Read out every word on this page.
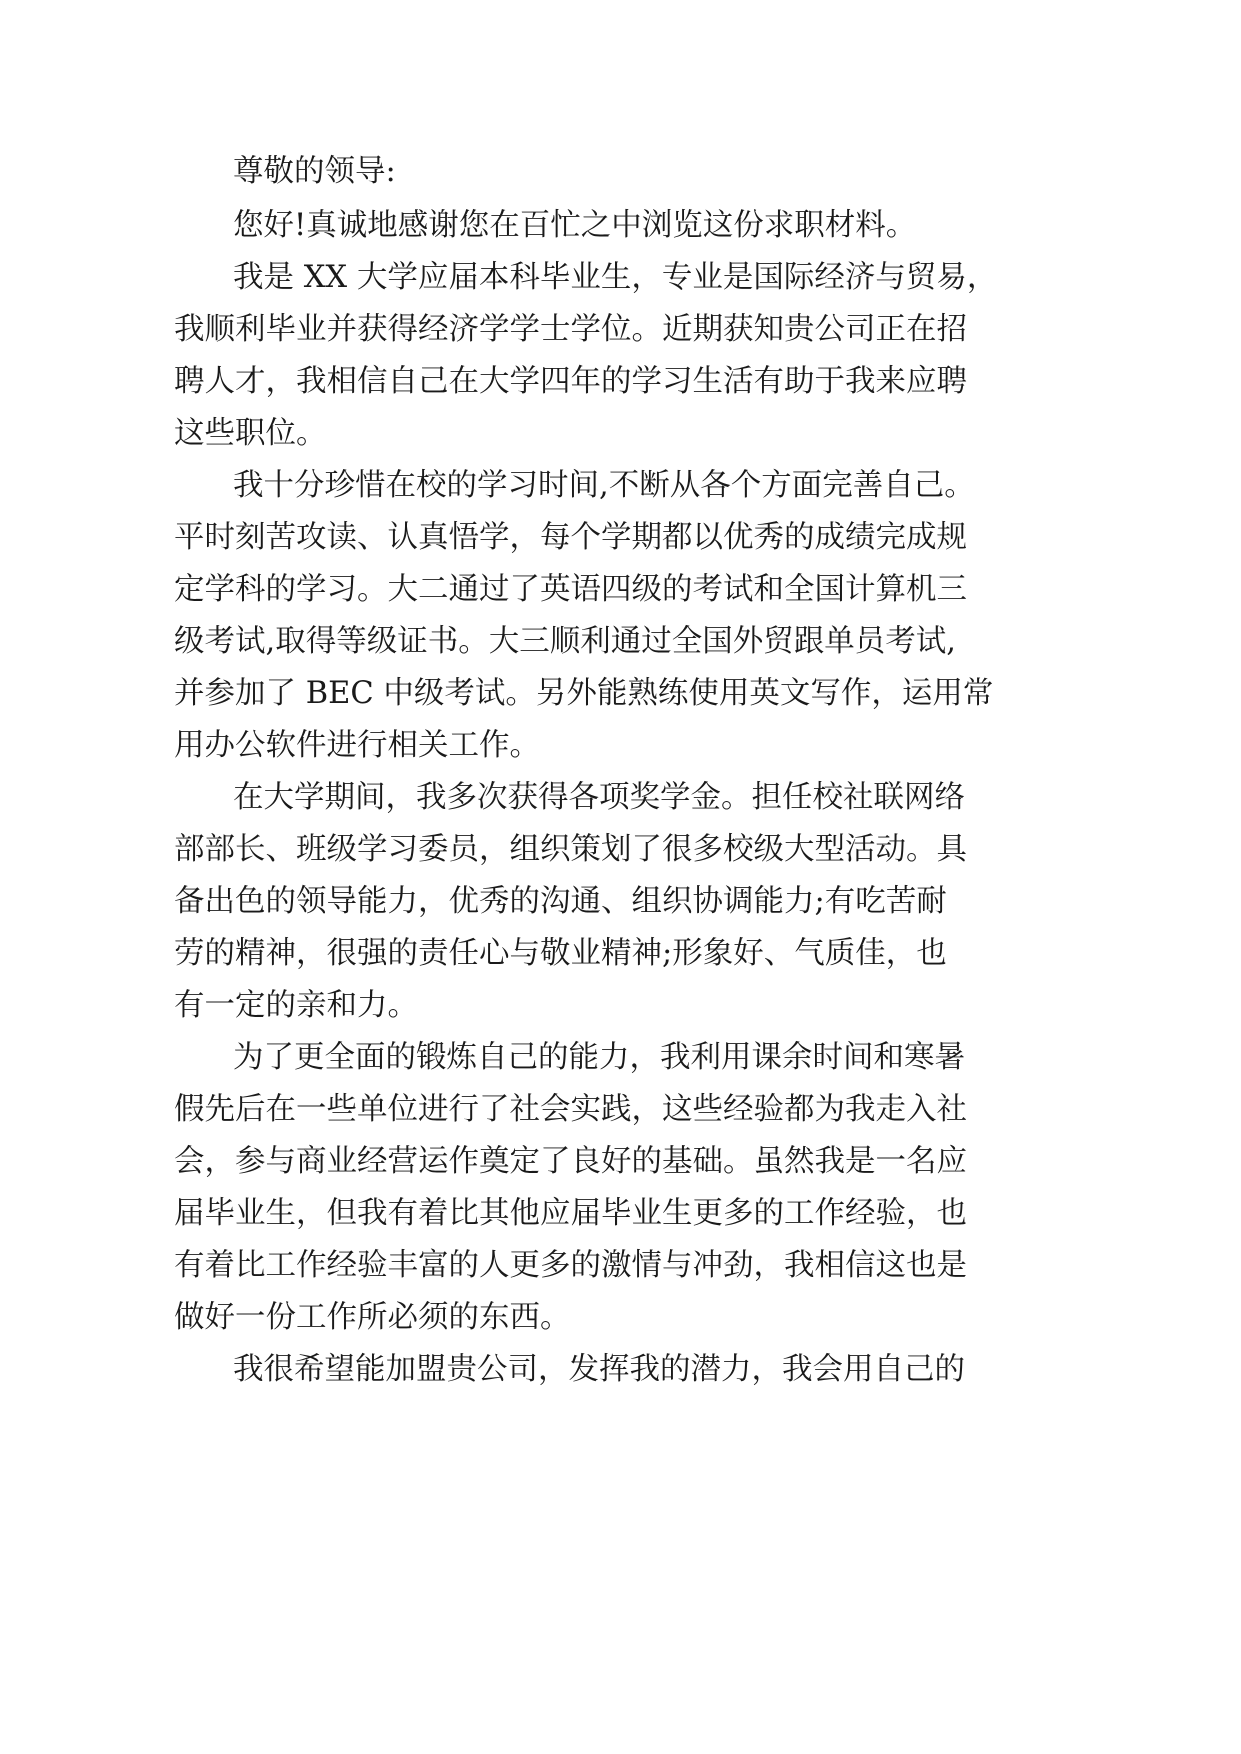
尊敬的领导:

您好!真诚地感谢您在百忙之中浏览这份求职材料。

我是 XX 大学应届本科毕业生，专业是国际经济与贸易，

我顺利毕业并获得经济学学士学位。近期获知贵公司正在招

聘人才，我相信自己在大学四年的学习生活有助于我来应聘

这些职位。

我十分珍惜在校的学习时间,不断从各个方面完善自己。

平时刻苦攻读、认真悟学，每个学期都以优秀的成绩完成规

定学科的学习。大二通过了英语四级的考试和全国计算机三

级考试,取得等级证书。大三顺利通过全国外贸跟单员考试,

并参加了 BEC 中级考试。另外能熟练使用英文写作，运用常

用办公软件进行相关工作。

在大学期间，我多次获得各项奖学金。担任校社联网络

部部长、班级学习委员，组织策划了很多校级大型活动。具

备出色的领导能力，优秀的沟通、组织协调能力;有吃苦耐

劳的精神，很强的责任心与敬业精神;形象好、气质佳，也

有一定的亲和力。

为了更全面的锻炼自己的能力，我利用课余时间和寒暑

假先后在一些单位进行了社会实践，这些经验都为我走入社

会，参与商业经营运作奠定了良好的基础。虽然我是一名应

届毕业生，但我有着比其他应届毕业生更多的工作经验，也

有着比工作经验丰富的人更多的激情与冲劲，我相信这也是

做好一份工作所必须的东西。

我很希望能加盟贵公司，发挥我的潜力，我会用自己的
